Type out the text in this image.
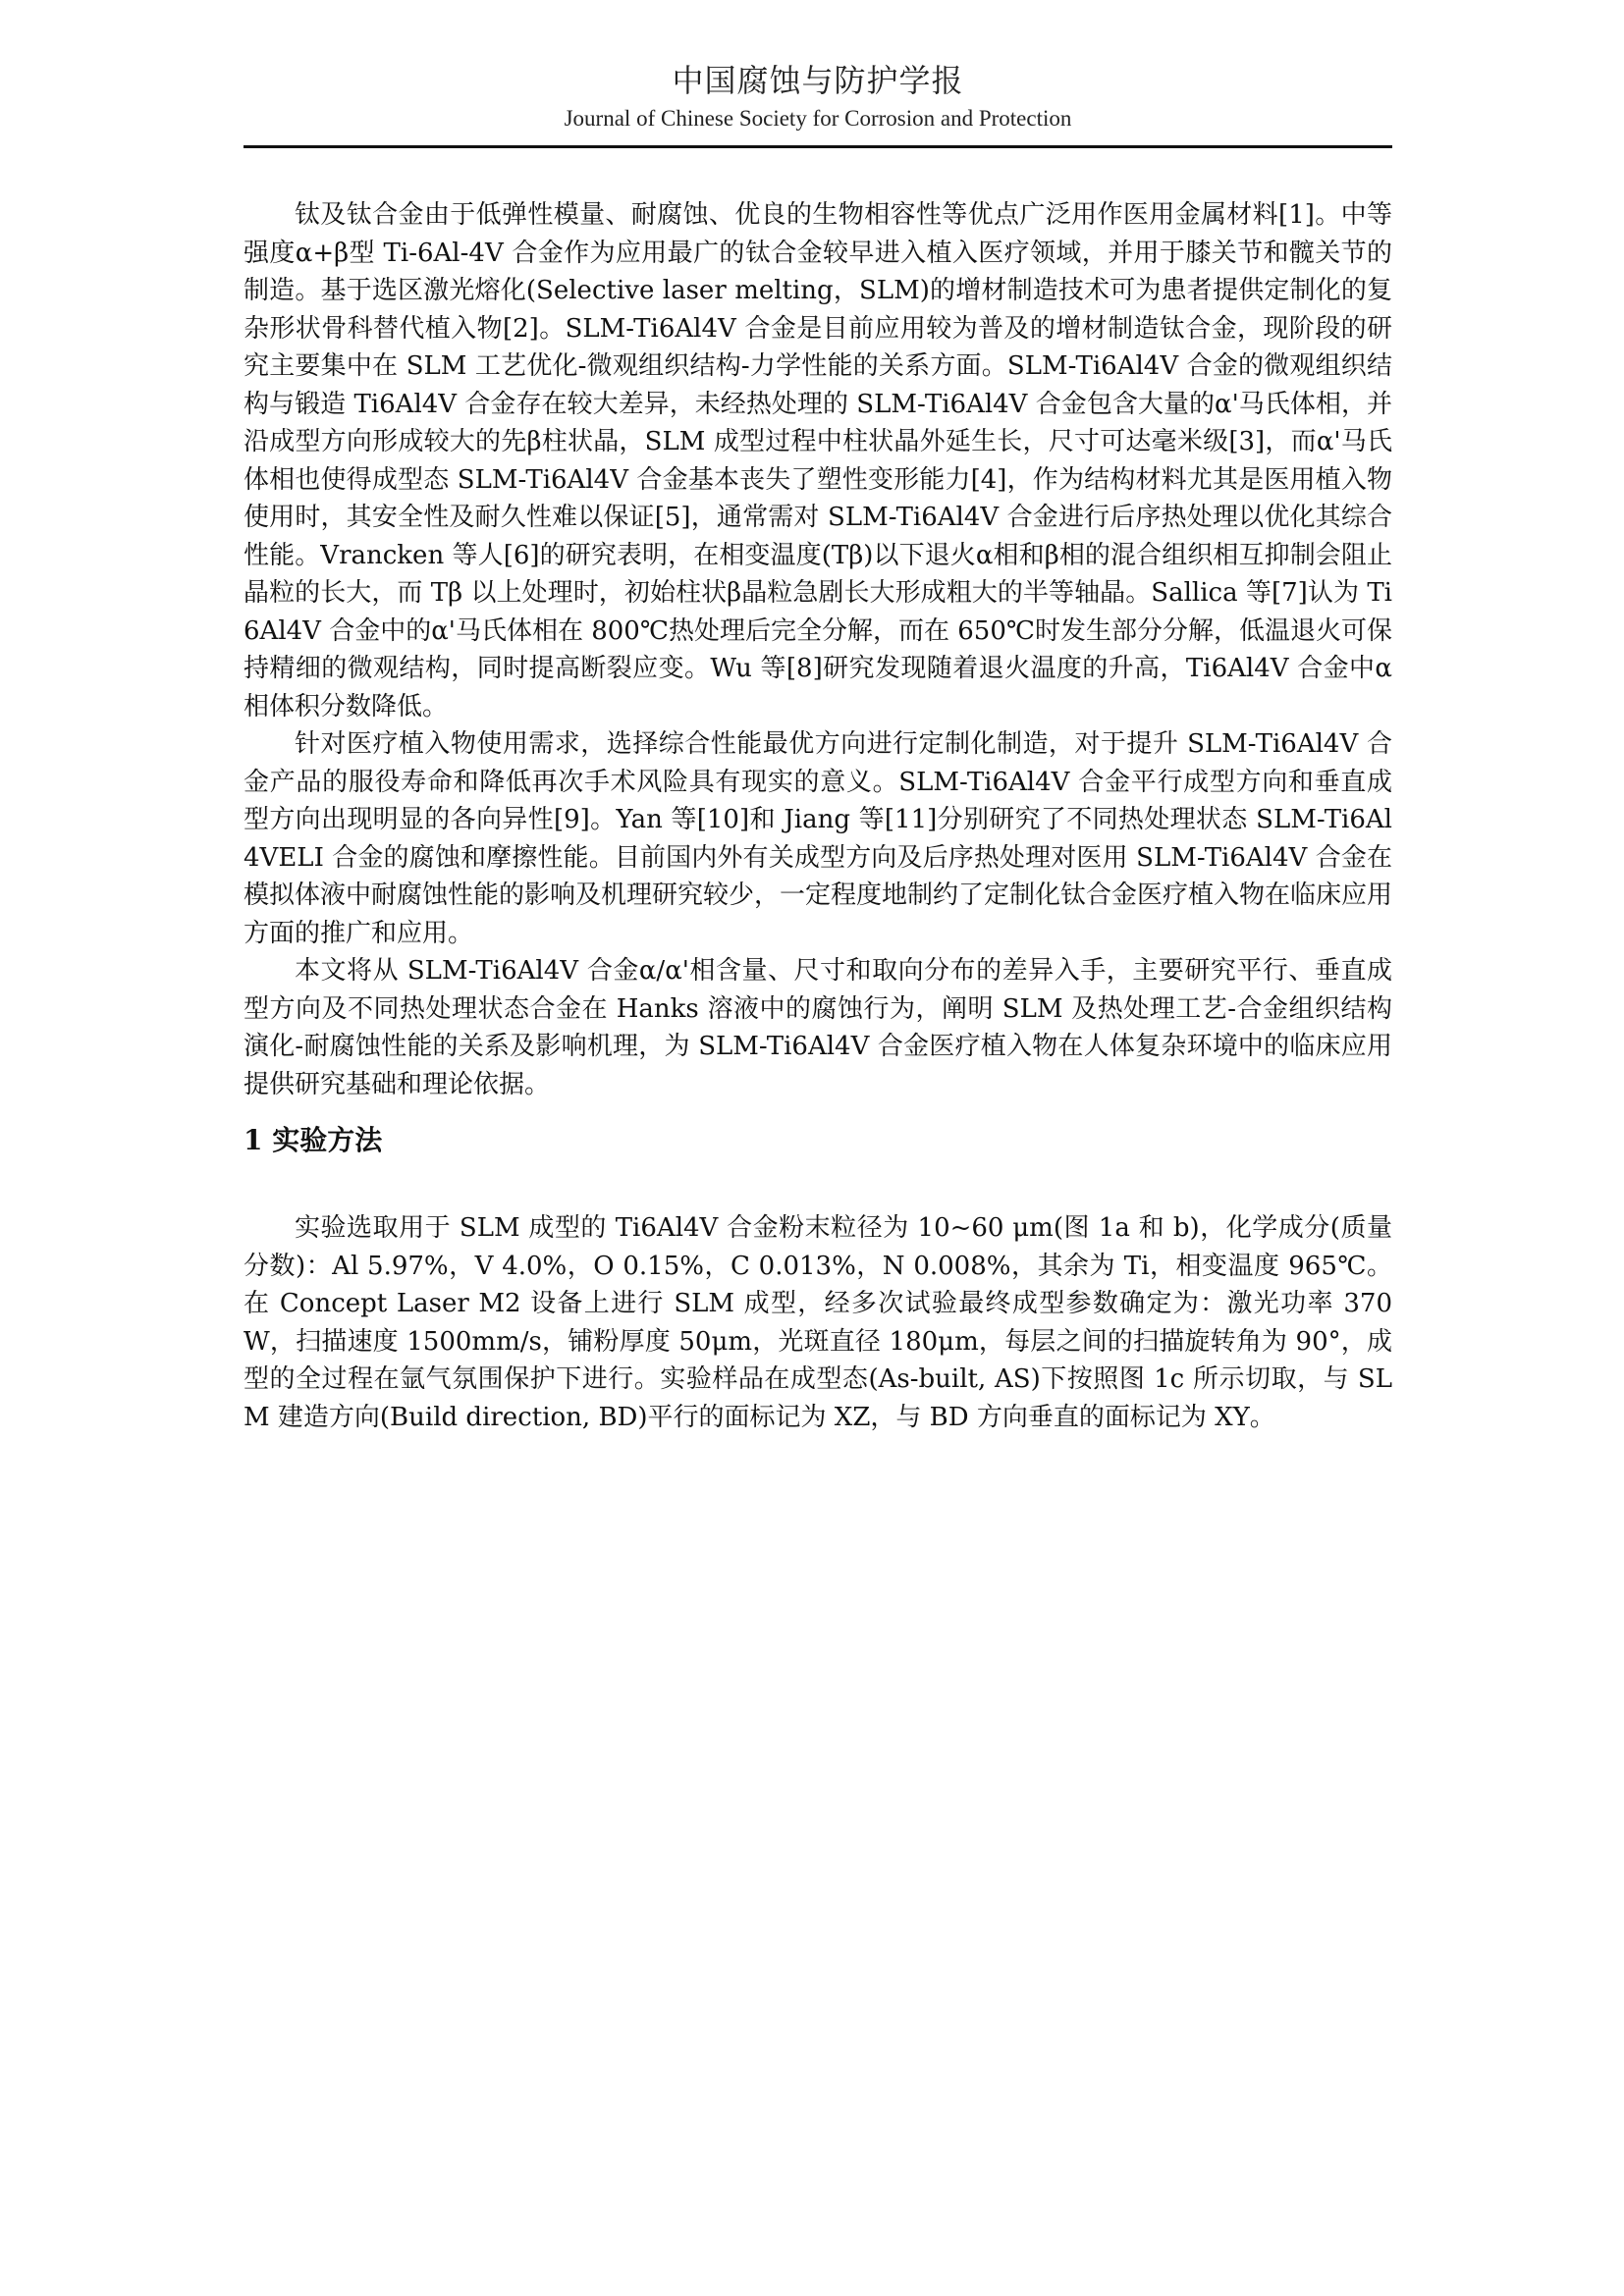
中国腐蚀与防护学报
Journal of Chinese Society for Corrosion and Protection

钛及钛合金由于低弹性模量、耐腐蚀、优良的生物相容性等优点广泛用作医用金属材料[1]。中等强度α+β型 Ti-6Al-4V 合金作为应用最广的钛合金较早进入植入医疗领域，并用于膝关节和髋关节的制造。基于选区激光熔化(Selective laser melting，SLM)的增材制造技术可为患者提供定制化的复杂形状骨科替代植入物[2]。SLM-Ti6Al4V 合金是目前应用较为普及的增材制造钛合金，现阶段的研究主要集中在 SLM 工艺优化-微观组织结构-力学性能的关系方面。SLM-Ti6Al4V 合金的微观组织结构与锻造 Ti6Al4V 合金存在较大差异，未经热处理的 SLM-Ti6Al4V 合金包含大量的α'马氏体相，并沿成型方向形成较大的先β柱状晶，SLM 成型过程中柱状晶外延生长，尺寸可达毫米级[3]，而α'马氏体相也使得成型态 SLM-Ti6Al4V 合金基本丧失了塑性变形能力[4]，作为结构材料尤其是医用植入物使用时，其安全性及耐久性难以保证[5]，通常需对 SLM-Ti6Al4V 合金进行后序热处理以优化其综合性能。Vrancken 等人[6]的研究表明，在相变温度(Tβ)以下退火α相和β相的混合组织相互抑制会阻止晶粒的长大，而 Tβ 以上处理时，初始柱状β晶粒急剧长大形成粗大的半等轴晶。Sallica 等[7]认为 Ti6Al4V 合金中的α'马氏体相在 800℃热处理后完全分解，而在 650℃时发生部分分解，低温退火可保持精细的微观结构，同时提高断裂应变。Wu 等[8]研究发现随着退火温度的升高，Ti6Al4V 合金中α相体积分数降低。

针对医疗植入物使用需求，选择综合性能最优方向进行定制化制造，对于提升 SLM-Ti6Al4V 合金产品的服役寿命和降低再次手术风险具有现实的意义。SLM-Ti6Al4V 合金平行成型方向和垂直成型方向出现明显的各向异性[9]。Yan 等[10]和 Jiang 等[11]分别研究了不同热处理状态 SLM-Ti6Al4VELI 合金的腐蚀和摩擦性能。目前国内外有关成型方向及后序热处理对医用 SLM-Ti6Al4V 合金在模拟体液中耐腐蚀性能的影响及机理研究较少，一定程度地制约了定制化钛合金医疗植入物在临床应用方面的推广和应用。

本文将从 SLM-Ti6Al4V 合金α/α'相含量、尺寸和取向分布的差异入手，主要研究平行、垂直成型方向及不同热处理状态合金在 Hanks 溶液中的腐蚀行为，阐明 SLM 及热处理工艺-合金组织结构演化-耐腐蚀性能的关系及影响机理，为 SLM-Ti6Al4V 合金医疗植入物在人体复杂环境中的临床应用提供研究基础和理论依据。

1 实验方法

实验选取用于 SLM 成型的 Ti6Al4V 合金粉末粒径为 10~60 μm(图 1a 和 b)，化学成分(质量分数)：Al 5.97%，V 4.0%，O 0.15%，C 0.013%，N 0.008%，其余为 Ti，相变温度 965℃。在 Concept Laser M2 设备上进行 SLM 成型，经多次试验最终成型参数确定为：激光功率 370W，扫描速度 1500mm/s，铺粉厚度 50μm，光斑直径 180μm，每层之间的扫描旋转角为 90°，成型的全过程在氩气氛围保护下进行。实验样品在成型态(As-built, AS)下按照图 1c 所示切取，与 SLM 建造方向(Build direction, BD)平行的面标记为 XZ，与 BD 方向垂直的面标记为 XY。
